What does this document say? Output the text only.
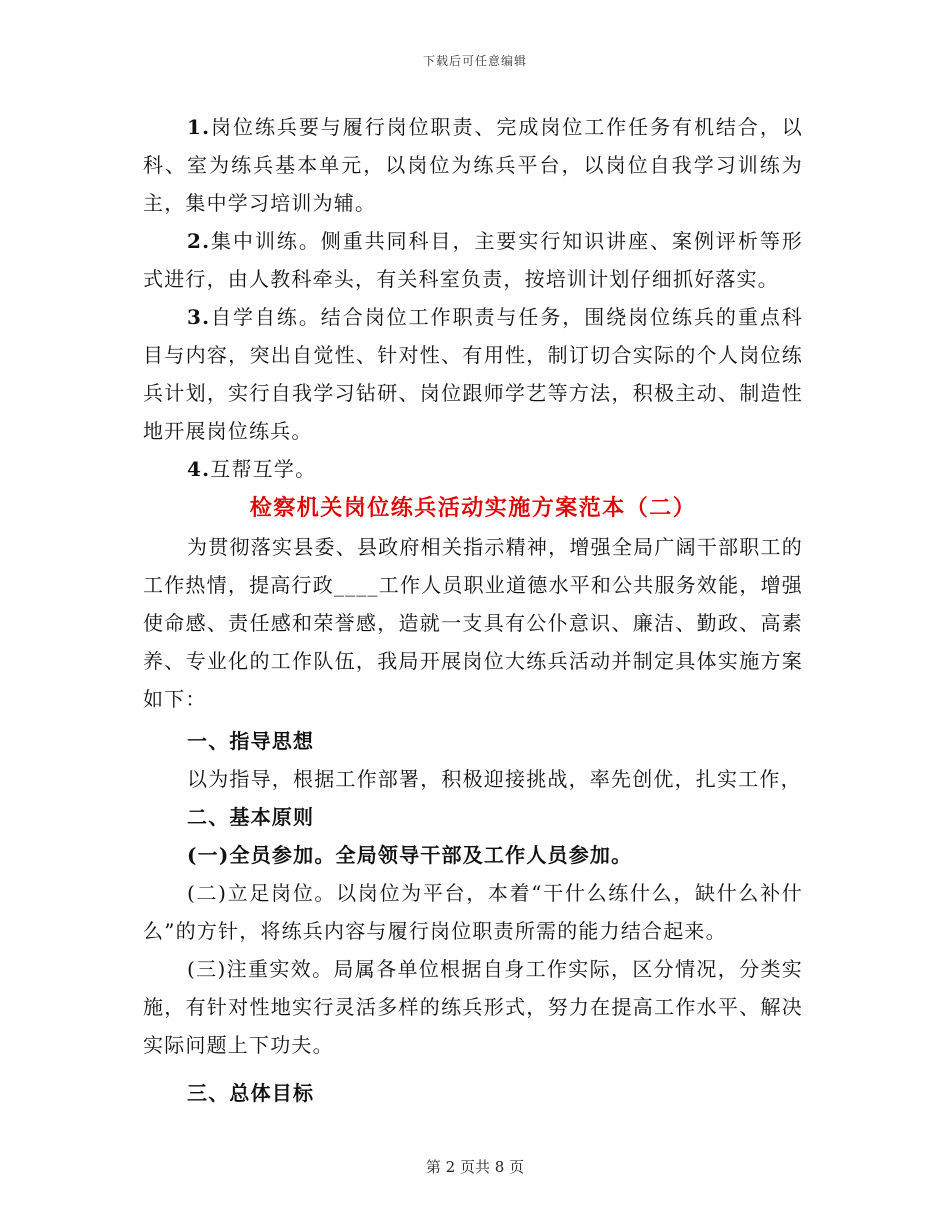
下载后可任意编辑

1.岗位练兵要与履行岗位职责、完成岗位工作任务有机结合，以科、室为练兵基本单元，以岗位为练兵平台，以岗位自我学习训练为主，集中学习培训为辅。

2.集中训练。侧重共同科目，主要实行知识讲座、案例评析等形式进行，由人教科牵头，有关科室负责，按培训计划仔细抓好落实。

3.自学自练。结合岗位工作职责与任务，围绕岗位练兵的重点科目与内容，突出自觉性、针对性、有用性，制订切合实际的个人岗位练兵计划，实行自我学习钻研、岗位跟师学艺等方法，积极主动、制造性地开展岗位练兵。

4.互帮互学。

检察机关岗位练兵活动实施方案范本（二）

为贯彻落实县委、县政府相关指示精神，增强全局广阔干部职工的工作热情，提高行政____工作人员职业道德水平和公共服务效能，增强使命感、责任感和荣誉感，造就一支具有公仆意识、廉洁、勤政、高素养、专业化的工作队伍，我局开展岗位大练兵活动并制定具体实施方案如下：

一、指导思想

以为指导，根据工作部署，积极迎接挑战，率先创优，扎实工作，

二、基本原则

(一)全员参加。全局领导干部及工作人员参加。

(二)立足岗位。以岗位为平台，本着“干什么练什么，缺什么补什么”的方针，将练兵内容与履行岗位职责所需的能力结合起来。

(三)注重实效。局属各单位根据自身工作实际，区分情况，分类实施，有针对性地实行灵活多样的练兵形式，努力在提高工作水平、解决实际问题上下功夫。

三、总体目标

第 2 页共 8 页
